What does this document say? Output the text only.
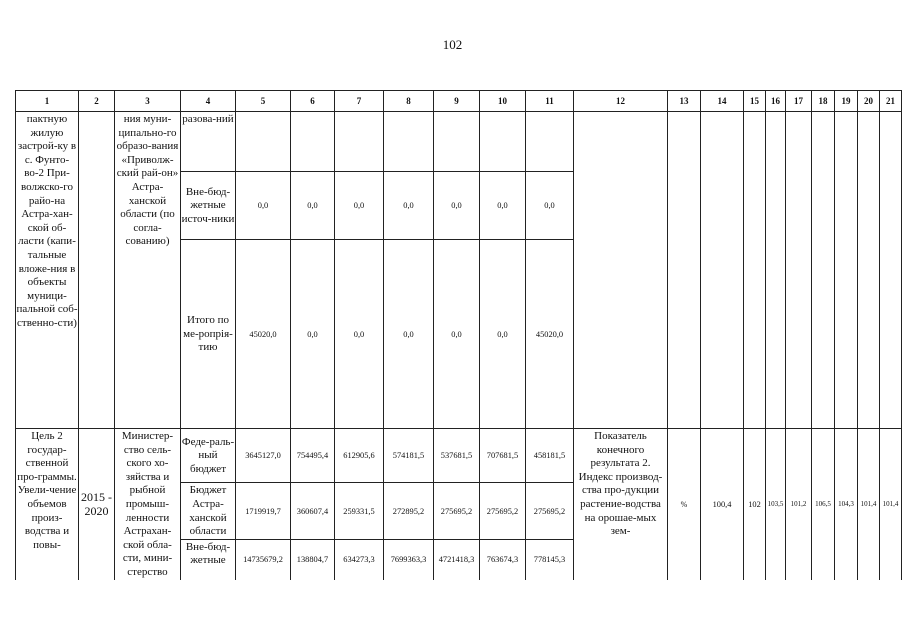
102
1	2	3	4	5	6	7	8	9	10	11	12	13	14	15	16	17	18	19	20	21
пактную жилую застрой-ку в с. Фунто-во-2 При-волжско-го райо-на Астра-хан-ской об-ласти (капи-тальные вложе-ния в объекты муници-пальной соб-ственно-сти)		ния муни-ципально-го образо-вания «Приволж-ский рай-он» Астра-ханской области (по согла-сованию)	разова-ний																	
			Вне-бюд-жетные источ-ники	0,0	0,0	0,0	0,0	0,0	0,0	0,0										
			Итого по ме-ропрія-тию	45020,0	0,0	0,0	0,0	0,0	0,0	45020,0										
Цель 2 государ-ственной про-граммы. Увели-чение объемов произ-водства и повы-	2015 - 2020	Министер-ство сель-ского хо-зяйства и рыбной промыш-ленности Астрахан-ской обла-сти, мини-стерство	Феде-раль-ный бюджет	3645127,0	754495,4	612905,6	574181,5	537681,5	707681,5	458181,5	Показатель конечного результата 2. Индекс производ-ства про-дукции растение-водства на орошае-мых зем-	%	100,4	102	103,5	101,2	106,5	104,3	101,4	101,4
			Бюджет Астра-ханской области	1719919,7	360607,4	259331,5	272895,2	275695,2	275695,2	275695,2										
			Вне-бюд-жетные	14735679,2	138804,7	634273,3	7699363,3	4721418,3	763674,3	778145,3										
